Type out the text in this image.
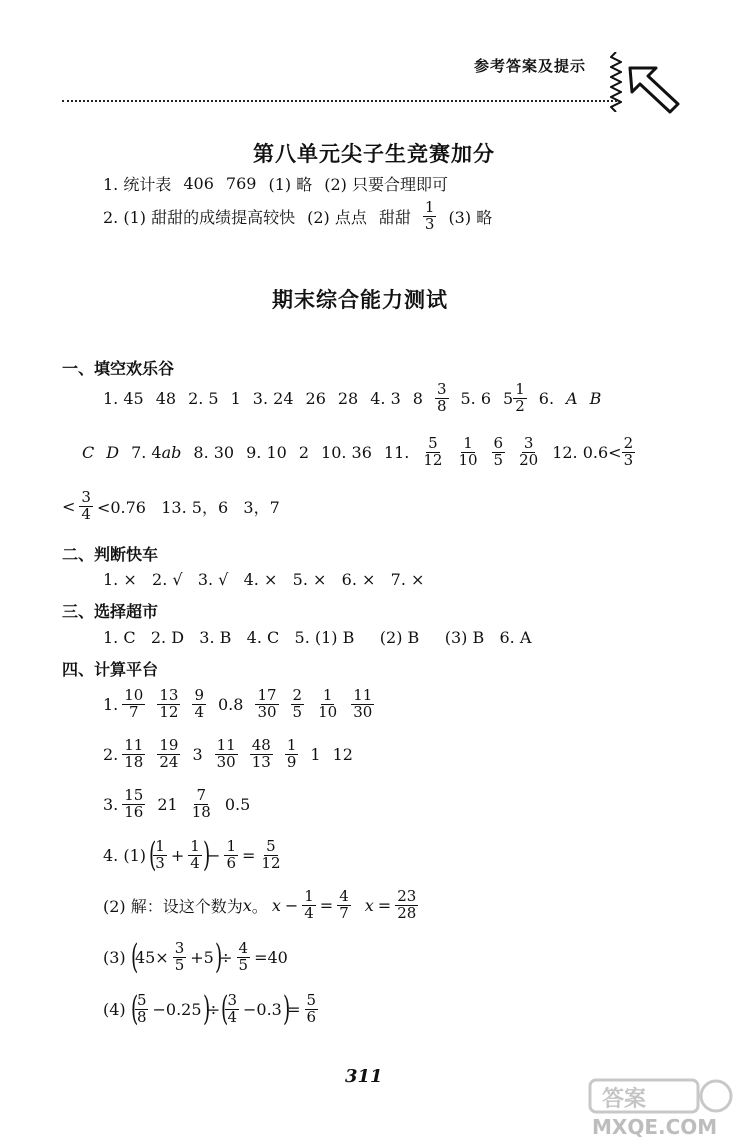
参考答案及提示
第八单元尖子生竞赛加分
1. 统计表 406 769 (1) 略 (2) 只要合理即可
2. (1) 甜甜的成绩提高较快 (2) 点点 甜甜 $\frac{1}{3} (3)$ 略
期末综合能力测试
一、填空欢乐谷
1. 45 48 2. 5 1 3. 24 26 28 4. 3 $8 \frac{3}{8} 5$. 6 $5 \frac{1}{2} 6$. A B
C D 7. 4 ab 8. 30 9. 10 2 10. 36 11. $\frac{5}{12} \frac{1}{10} \frac{6}{5} \frac{3}{20} 12$. $0.6< \frac{2}{3}$
< $\frac{3}{4} <0.76$   13. 5，6   3，7
二、判断快车
1. ×   2. √   3. √   4. ×   5. ×   6. ×   7. ×
三、选择超市
1. C   2. D   3. B   4. C   5. (1) B     (2) B     (3) B   6. A
四、计算平台
1. $\frac{10}{7} \frac{13}{12} \frac{9}{4} 0.8 \frac{17}{30} \frac{2}{5} \frac{1}{10} \frac{11}{30}$
2. $\frac{11}{18} \frac{19}{24} 3 \frac{11}{30} \frac{48}{13} \frac{1}{9} 1$ 12
3. $\frac{15}{16} 21 \frac{7}{18} 0.5$
4. (1) (
$\frac{1}{3} + \frac{1}{4}$ )
− $\frac{1}{6} = \frac{5}{12}$
(2) 解：设这个数为 x 。 $x - \frac{1}{4} = \frac{4}{7}$ $x = \frac{23}{28}$
(3) (
$45\times \frac{3}{5} +5$ )
÷ $\frac{4}{5} =40$
(4) (
$\frac{5}{8} -0.25$ )
÷ (
$\frac{3}{4} -0.3$ )
= $\frac{5}{6}$
311
答案
MXQE.COM
